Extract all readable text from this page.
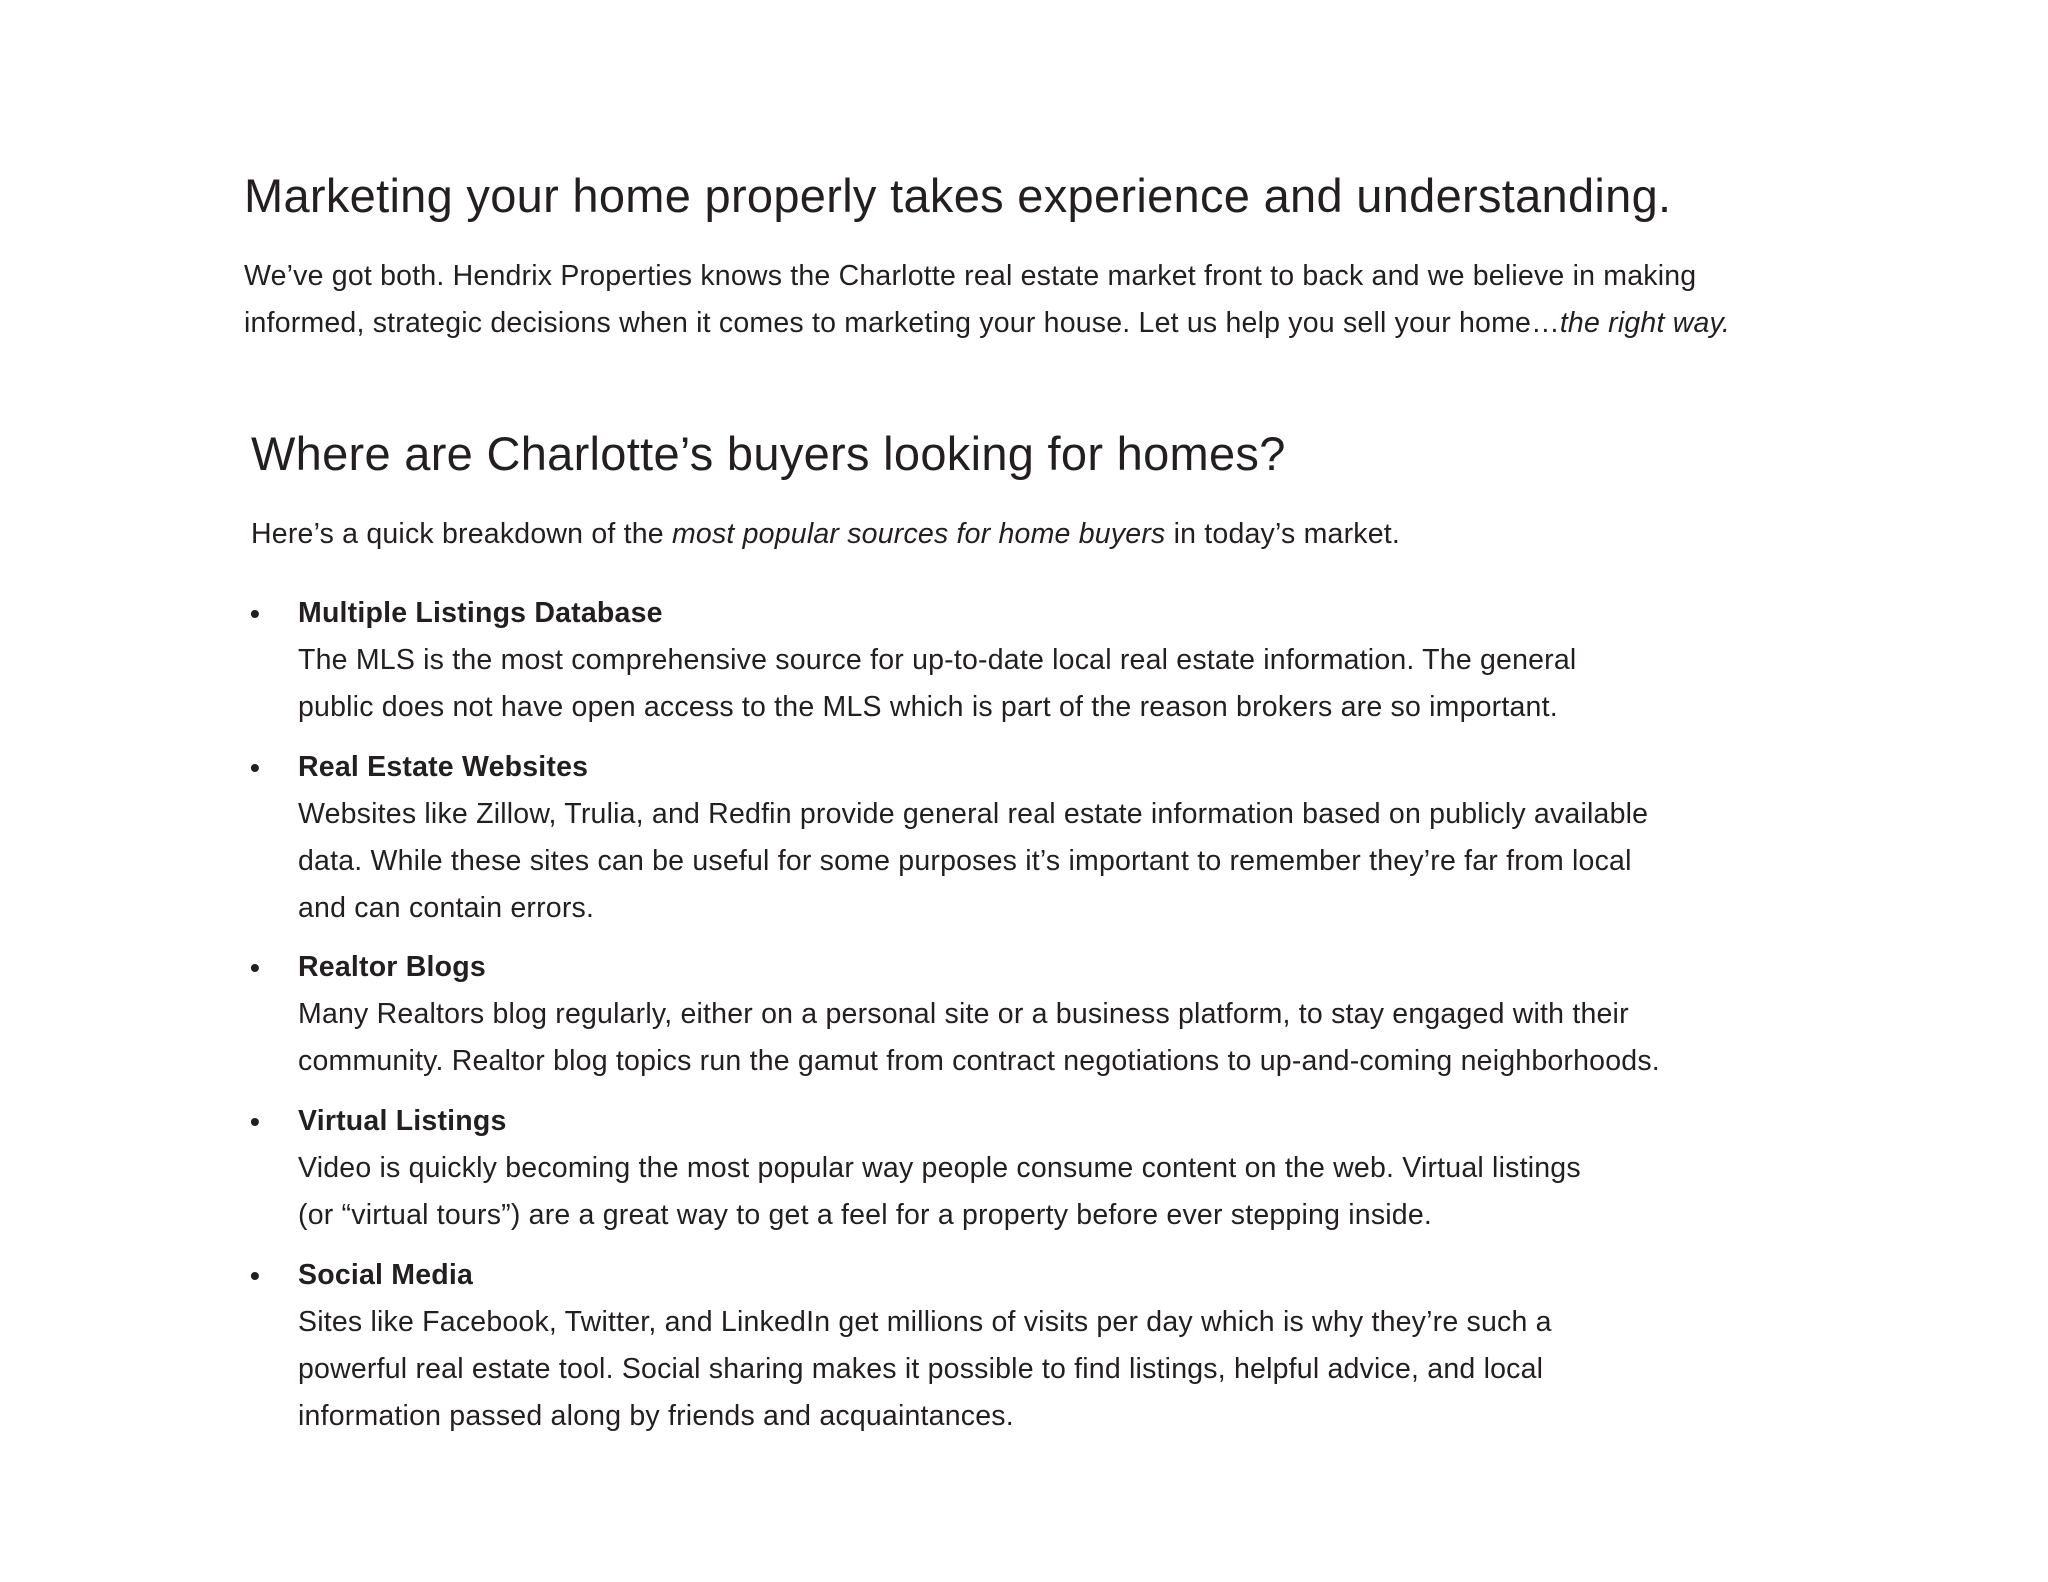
Marketing your home properly takes experience and understanding.

We’ve got both. Hendrix Properties knows the Charlotte real estate market front to back and we believe in making informed, strategic decisions when it comes to marketing your house. Let us help you sell your home…the right way.

Where are Charlotte’s buyers looking for homes?

Here’s a quick breakdown of the most popular sources for home buyers in today’s market.

• Multiple Listings Database
The MLS is the most comprehensive source for up-to-date local real estate information. The general
public does not have open access to the MLS which is part of the reason brokers are so important.
• Real Estate Websites
Websites like Zillow, Trulia, and Redfin provide general real estate information based on publicly available
data. While these sites can be useful for some purposes it’s important to remember they’re far from local
and can contain errors.
• Realtor Blogs
Many Realtors blog regularly, either on a personal site or a business platform, to stay engaged with their
community. Realtor blog topics run the gamut from contract negotiations to up-and-coming neighborhoods.
• Virtual Listings
Video is quickly becoming the most popular way people consume content on the web. Virtual listings
(or “virtual tours”) are a great way to get a feel for a property before ever stepping inside.
• Social Media
Sites like Facebook, Twitter, and LinkedIn get millions of visits per day which is why they’re such a
powerful real estate tool. Social sharing makes it possible to find listings, helpful advice, and local
information passed along by friends and acquaintances.
